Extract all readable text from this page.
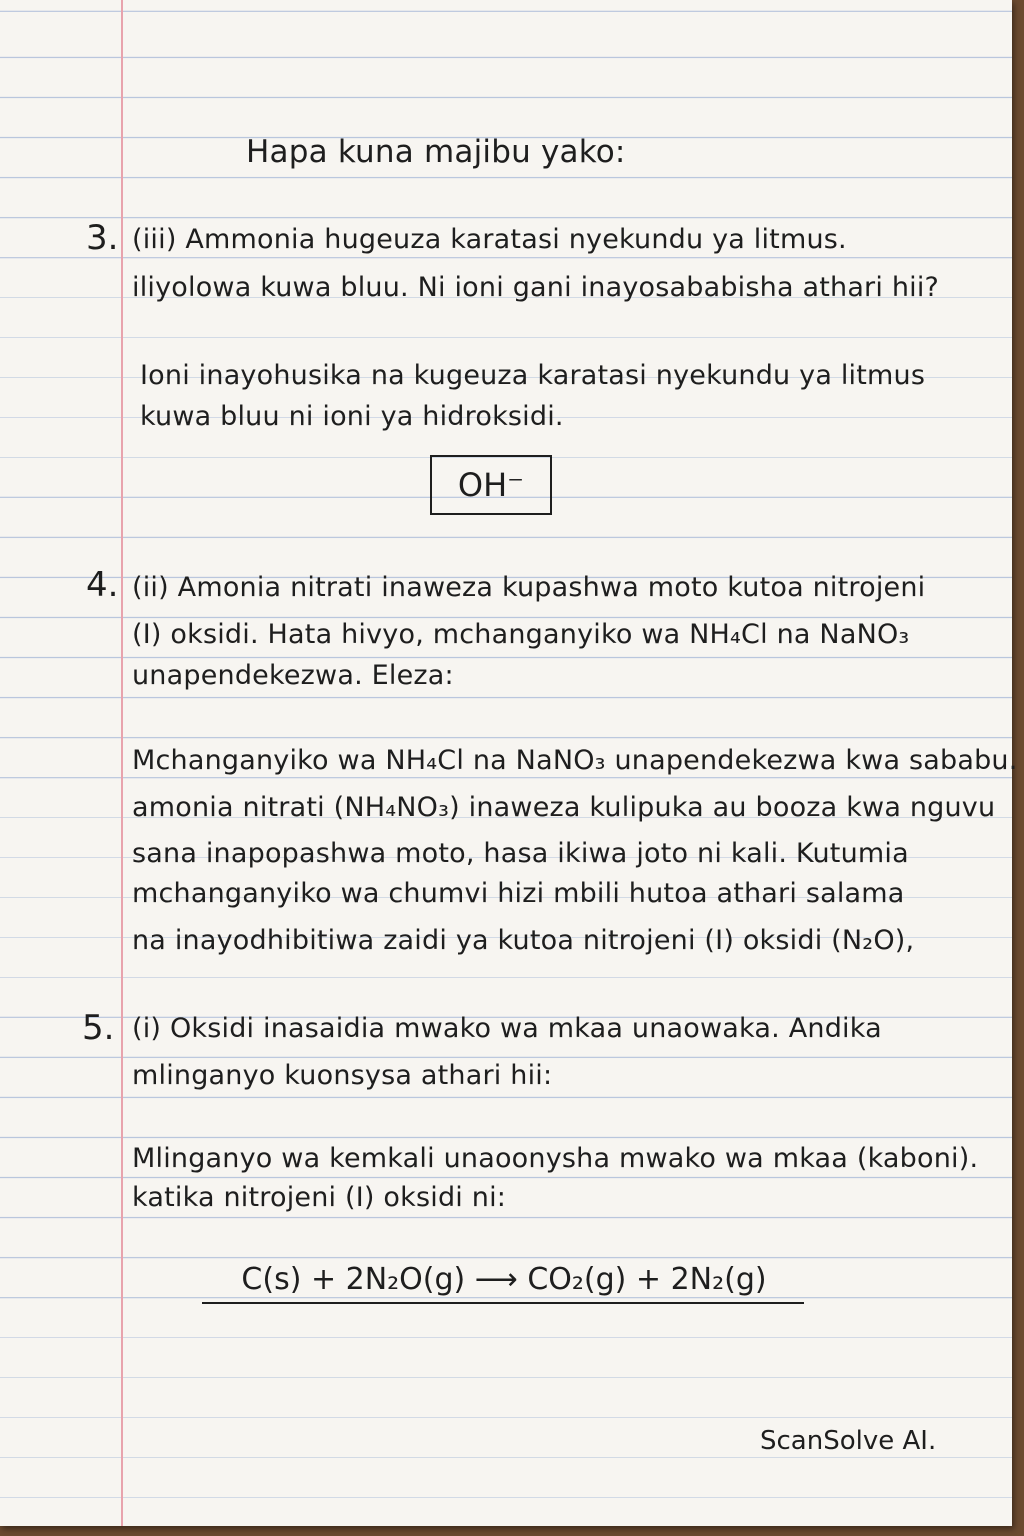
Hapa kuna majibu yako:
3. (iii) Ammonia hugeuza karatasi nyekundu ya litmus.
iliyolowa kuwa bluu. Ni ioni gani inayosababisha athari hii?
Ioni inayohusika na kugeuza karatasi nyekundu ya litmus
kuwa bluu ni ioni ya hidroksidi.
OH⁻
4. (ii) Amonia nitrati inaweza kupashwa moto kutoa nitrojeni
(I) oksidi. Hata hivyo, mchanganyiko wa NH₄Cl na NaNO₃
unapendekezwa. Eleza:
Mchanganyiko wa NH₄Cl na NaNO₃ unapendekezwa kwa sababu.
amonia nitrati (NH₄NO₃) inaweza kulipuka au booza kwa nguvu
sana inapopashwa moto, hasa ikiwa joto ni kali. Kutumia
mchanganyiko wa chumvi hizi mbili hutoa athari salama
na inayodhibitiwa zaidi ya kutoa nitrojeni (I) oksidi (N₂O),
5. (i) Oksidi inasaidia mwako wa mkaa unaowaka. Andika
mlinganyo kuonsysa athari hii:
Mlinganyo wa kemkali unaoonysha mwako wa mkaa (kaboni).
katika nitrojeni (I) oksidi ni:
C(s) + 2N₂O(g) ⟶ CO₂(g) + 2N₂(g)
ScanSolve AI.
